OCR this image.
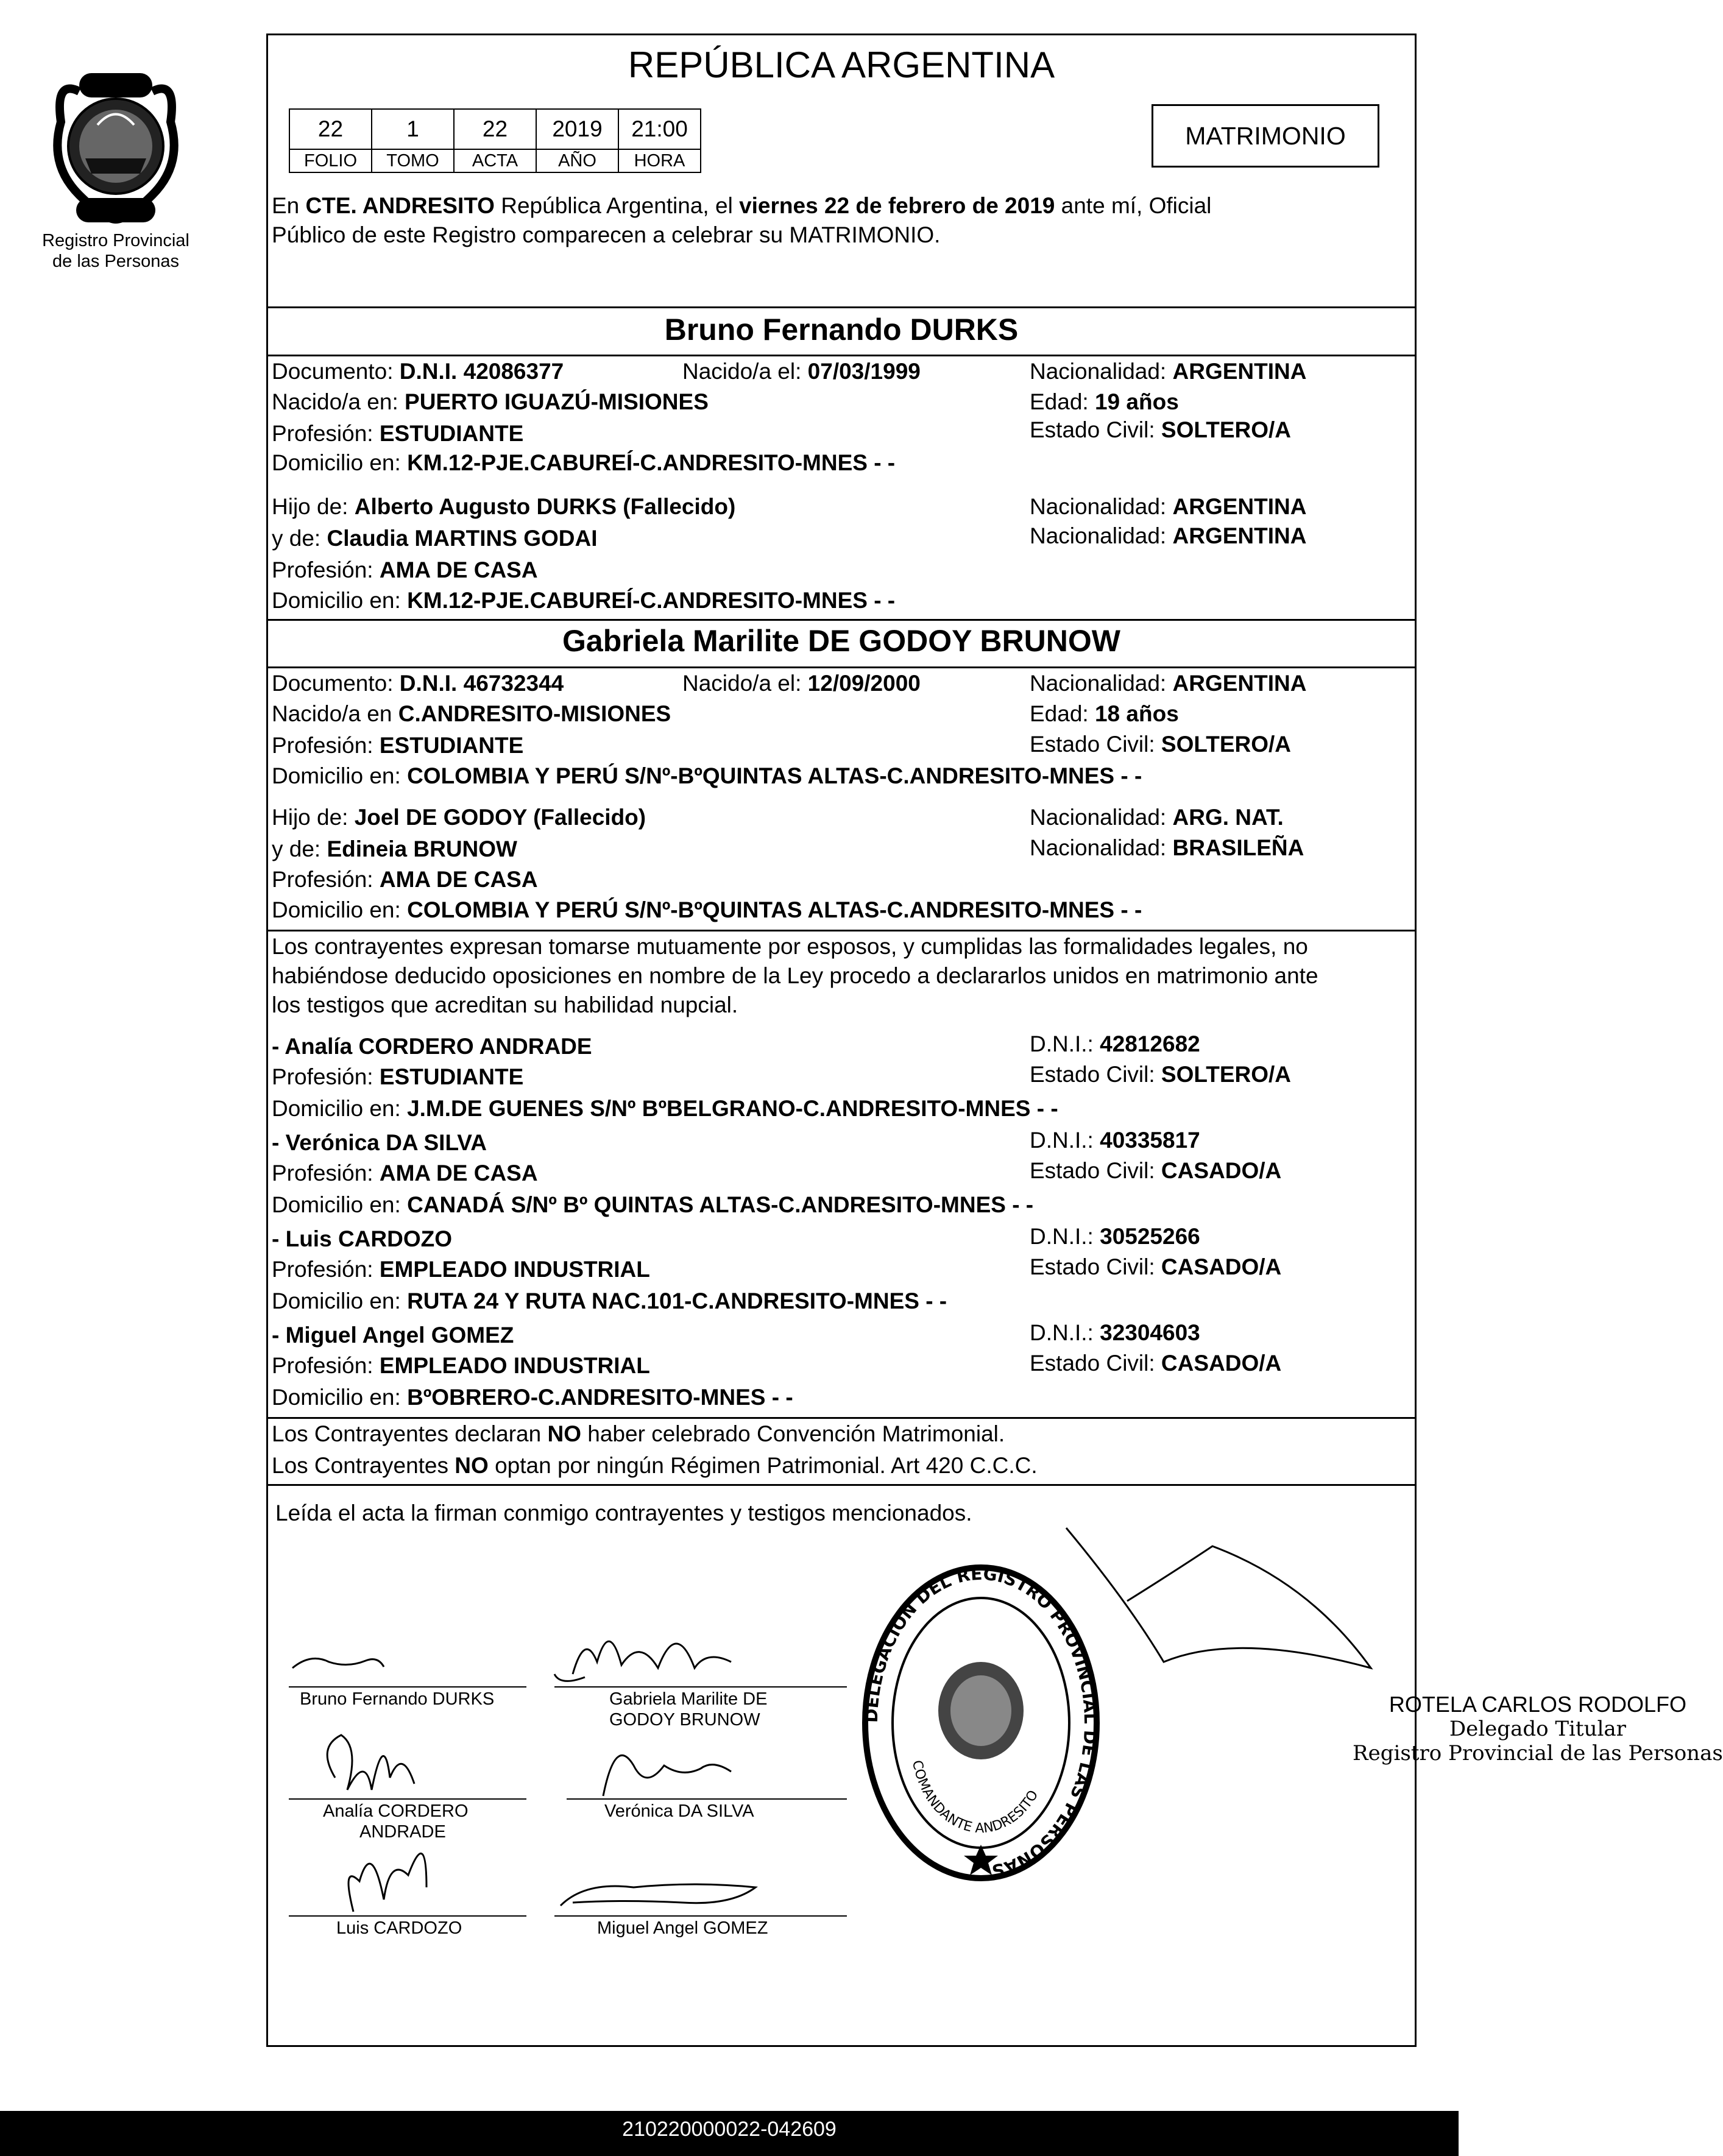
Registro Provincial
de las Personas
REPÚBLICA ARGENTINA
22	1	22	2019	21:00
FOLIO	TOMO	ACTA	AÑO	HORA
MATRIMONIO
En CTE. ANDRESITO República Argentina, el viernes 22 de febrero de 2019 ante mí, Oficial
Público de este Registro comparecen a celebrar su MATRIMONIO.
Bruno Fernando DURKS
Documento: D.N.I. 42086377	Nacido/a el: 07/03/1999	Nacionalidad: ARGENTINA
Nacido/a en: PUERTO IGUAZÚ-MISIONES	Edad: 19 años
Profesión: ESTUDIANTE	Estado Civil: SOLTERO/A
Domicilio en: KM.12-PJE.CABUREÍ-C.ANDRESITO-MNES - -
Hijo de: Alberto Augusto DURKS (Fallecido)	Nacionalidad: ARGENTINA
y de: Claudia MARTINS GODAI	Nacionalidad: ARGENTINA
Profesión: AMA DE CASA
Domicilio en: KM.12-PJE.CABUREÍ-C.ANDRESITO-MNES - -
Gabriela Marilite DE GODOY BRUNOW
Documento: D.N.I. 46732344	Nacido/a el: 12/09/2000	Nacionalidad: ARGENTINA
Nacido/a en C.ANDRESITO-MISIONES	Edad: 18 años
Profesión: ESTUDIANTE	Estado Civil: SOLTERO/A
Domicilio en: COLOMBIA Y PERÚ S/Nº-BºQUINTAS ALTAS-C.ANDRESITO-MNES - -
Hijo de: Joel DE GODOY (Fallecido)	Nacionalidad: ARG. NAT.
y de: Edineia BRUNOW	Nacionalidad: BRASILEÑA
Profesión: AMA DE CASA
Domicilio en: COLOMBIA Y PERÚ S/Nº-BºQUINTAS ALTAS-C.ANDRESITO-MNES - -
Los contrayentes expresan tomarse mutuamente por esposos, y cumplidas las formalidades legales, no
habiéndose deducido oposiciones en nombre de la Ley procedo a declararlos unidos en matrimonio ante
los testigos que acreditan su habilidad nupcial.
- Analía CORDERO ANDRADE	D.N.I.: 42812682
Profesión: ESTUDIANTE	Estado Civil: SOLTERO/A
Domicilio en: J.M.DE GUENES S/Nº BºBELGRANO-C.ANDRESITO-MNES - -
- Verónica DA SILVA	D.N.I.: 40335817
Profesión: AMA DE CASA	Estado Civil: CASADO/A
Domicilio en: CANADÁ S/Nº Bº QUINTAS ALTAS-C.ANDRESITO-MNES - -
- Luis CARDOZO	D.N.I.: 30525266
Profesión: EMPLEADO INDUSTRIAL	Estado Civil: CASADO/A
Domicilio en: RUTA 24 Y RUTA NAC.101-C.ANDRESITO-MNES - -
- Miguel Angel GOMEZ	D.N.I.: 32304603
Profesión: EMPLEADO INDUSTRIAL	Estado Civil: CASADO/A
Domicilio en: BºOBRERO-C.ANDRESITO-MNES - -
Los Contrayentes declaran NO haber celebrado Convención Matrimonial.
Los Contrayentes NO optan por ningún Régimen Patrimonial. Art 420 C.C.C.
Leída el acta la firman conmigo contrayentes y testigos mencionados.
Bruno Fernando DURKS	Gabriela Marilite DE
GODOY BRUNOW
Analía CORDERO
ANDRADE
Verónica DA SILVA
Luis CARDOZO	Miguel Angel GOMEZ
DELEGACION DEL REGISTRO PROVINCIAL DE LAS PERSONAS
COMANDANTE ANDRESITO
ROTELA CARLOS RODOLFO
Delegado Titular
Registro Provincial de las Personas
210220000022-042609
